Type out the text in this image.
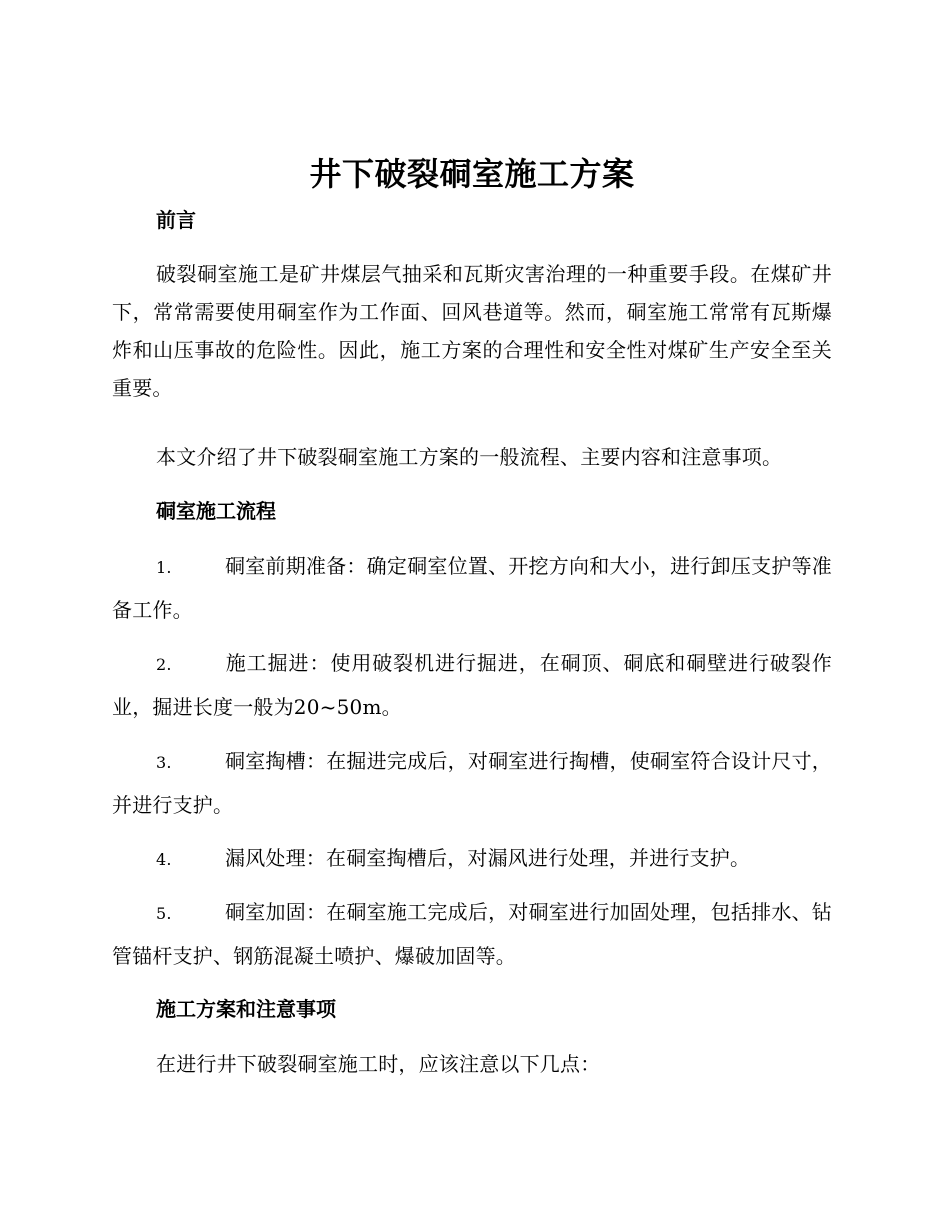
井下破裂硐室施工方案
前言
破裂硐室施工是矿井煤层气抽采和瓦斯灾害治理的一种重要手段。在煤矿井下，常常需要使用硐室作为工作面、回风巷道等。然而，硐室施工常常有瓦斯爆炸和山压事故的危险性。因此，施工方案的合理性和安全性对煤矿生产安全至关重要。
本文介绍了井下破裂硐室施工方案的一般流程、主要内容和注意事项。
硐室施工流程
1.	硐室前期准备：确定硐室位置、开挖方向和大小，进行卸压支护等准备工作。
2.	施工掘进：使用破裂机进行掘进，在硐顶、硐底和硐壁进行破裂作业，掘进长度一般为20~50m。
3.	硐室掏槽：在掘进完成后，对硐室进行掏槽，使硐室符合设计尺寸，并进行支护。
4.	漏风处理：在硐室掏槽后，对漏风进行处理，并进行支护。
5.	硐室加固：在硐室施工完成后，对硐室进行加固处理，包括排水、钻管锚杆支护、钢筋混凝土喷护、爆破加固等。
施工方案和注意事项
在进行井下破裂硐室施工时，应该注意以下几点：
